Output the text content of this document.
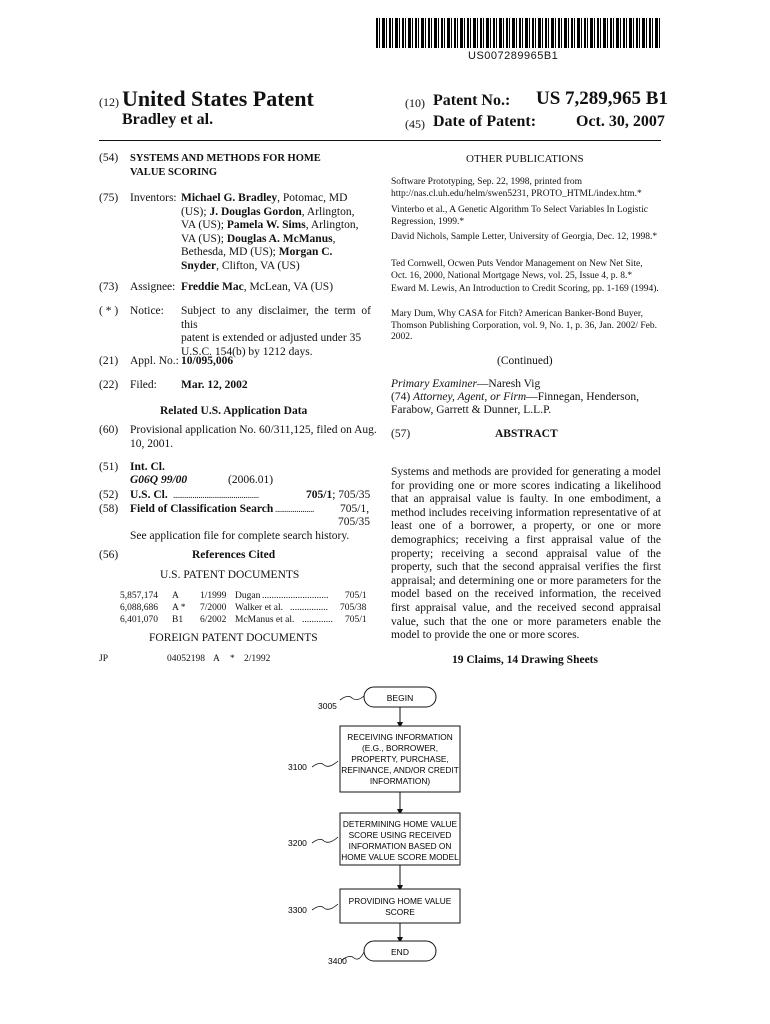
US007289965B1
(12) United States Patent
Bradley et al.
(10) Patent No.: US 7,289,965 B1
(45) Date of Patent: Oct. 30, 2007
(54) SYSTEMS AND METHODS FOR HOME
VALUE SCORING
(75) Inventors: Michael G. Bradley, Potomac, MD
(US); J. Douglas Gordon, Arlington,
VA (US); Pamela W. Sims, Arlington,
VA (US); Douglas A. McManus,
Bethesda, MD (US); Morgan C.
Snyder, Clifton, VA (US)
(73) Assignee: Freddie Mac, McLean, VA (US)
( * ) Notice: Subject to any disclaimer, the term of this
patent is extended or adjusted under 35
U.S.C. 154(b) by 1212 days.
(21) Appl. No.: 10/095,006
(22) Filed: Mar. 12, 2002
Related U.S. Application Data
(60) Provisional application No. 60/311,125, filed on Aug.
10, 2001.
(51) Int. Cl.
G06Q 99/00	(2006.01)
(52) U.S. Cl. ............................................	705/1; 705/35
(58) Field of Classification Search .................... 705/1,
705/35
See application file for complete search history.
(56)	References Cited
U.S. PATENT DOCUMENTS
5,857,174 A 1/1999 Dugan ............................ 705/1
6,088,686 A * 7/2000 Walker et al. ................ 705/38
6,401,070 B1 6/2002 McManus et al. ............. 705/1
FOREIGN PATENT DOCUMENTS
JP	04052198 A * 2/1992
OTHER PUBLICATIONS
Software Prototyping, Sep. 22, 1998, printed from http://nas.cl.uh.edu/helm/swen5231, PROTO_HTML/index.htm.*
Vinterbo et al., A Genetic Algorithm To Select Variables In Logistic Regression, 1999.*
David Nichols, Sample Letter, University of Georgia, Dec. 12, 1998.*
Ted Cornwell, Ocwen Puts Vendor Management on New Net Site, Oct. 16, 2000, National Mortgage News, vol. 25, Issue 4, p. 8.*
Eward M. Lewis, An Introduction to Credit Scoring, pp. 1-169 (1994).
Mary Dum, Why CASA for Fitch? American Banker-Bond Buyer, Thomson Publishing Corporation, vol. 9, No. 1, p. 36, Jan. 2002/ Feb. 2002.
(Continued)
Primary Examiner—Naresh Vig
(74) Attorney, Agent, or Firm—Finnegan, Henderson,
Farabow, Garrett & Dunner, L.L.P.
(57)	ABSTRACT
Systems and methods are provided for generating a model for providing one or more scores indicating a likelihood that an appraisal value is faulty. In one embodiment, a method includes receiving information representative of at least one of a borrower, a property, or one or more demographics; receiving a first appraisal value of the property; receiving a second appraisal value of the property, such that the second appraisal verifies the first appraisal; and determining one or more parameters for the model based on the received information, the received first appraisal value, and the received second appraisal value, such that the one or more parameters enable the model to provide the one or more scores.
19 Claims, 14 Drawing Sheets
BEGIN
3005
RECEIVING INFORMATION
(E.G., BORROWER,
PROPERTY, PURCHASE,
REFINANCE, AND/OR CREDIT
INFORMATION)
3100
DETERMINING HOME VALUE
SCORE USING RECEIVED
INFORMATION BASED ON
HOME VALUE SCORE MODEL
3200
PROVIDING HOME VALUE
SCORE
3300
END
3400
